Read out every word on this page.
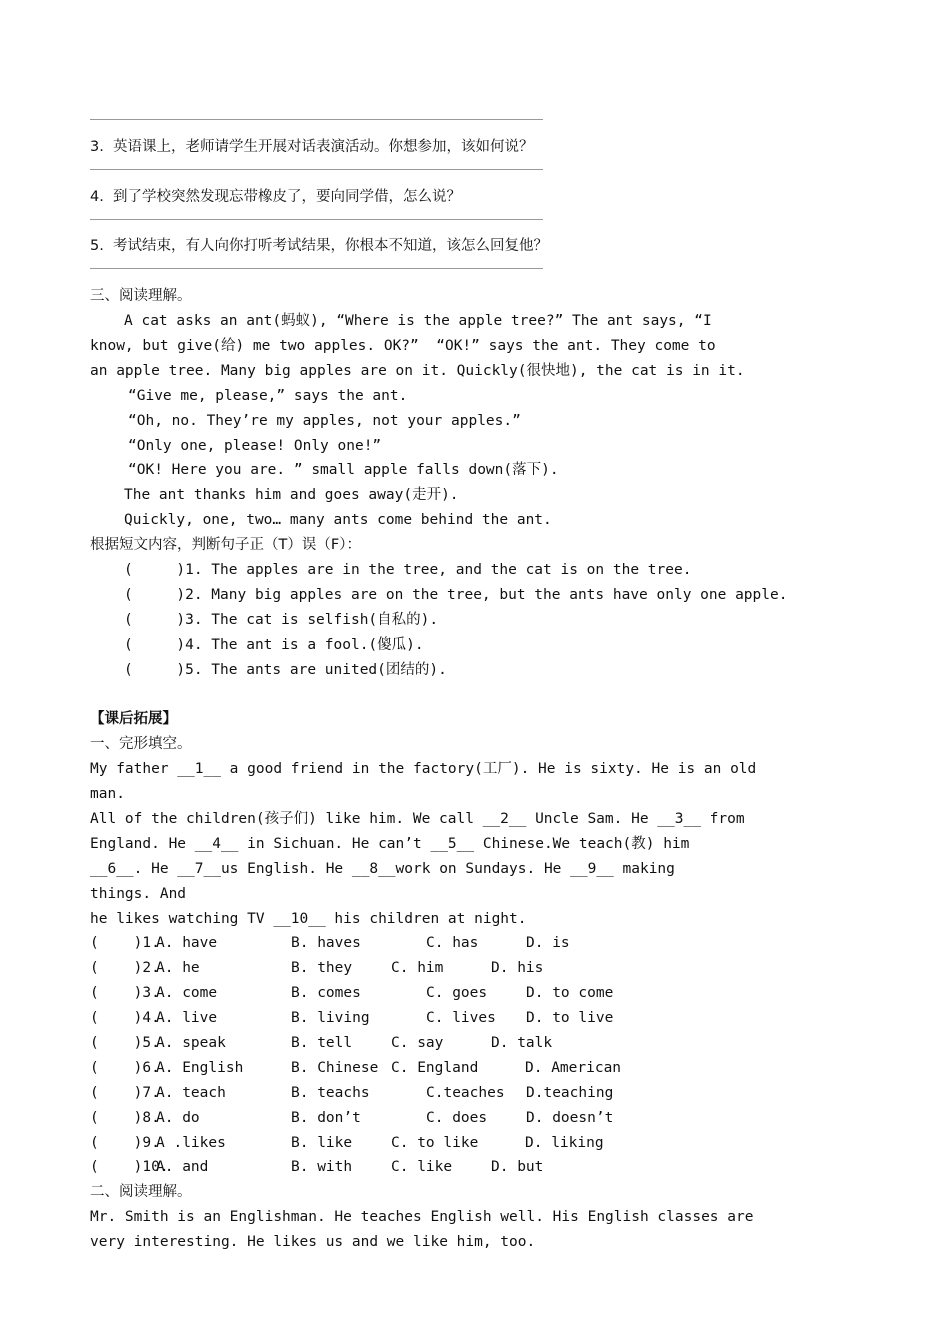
3.  英语课上，老师请学生开展对话表演活动。你想参加，该如何说？
4.  到了学校突然发现忘带橡皮了，要向同学借，怎么说？
5.  考试结束，有人向你打听考试结果，你根本不知道，该怎么回复他？
三、阅读理解。
A cat asks an ant(蚂蚁), “Where is the apple tree?” The ant says, “I
know, but give(给) me two apples. OK?”  “OK!” says the ant. They come to
an apple tree. Many big apples are on it. Quickly(很快地), the cat is in it.
“Give me, please,” says the ant.
“Oh, no. They’re my apples, not your apples.”
“Only one, please! Only one!”
“OK! Here you are. ” small apple falls down(落下).
The ant thanks him and goes away(走开).
Quickly, one, two… many ants come behind the ant.
根据短文内容，判断句子正（T）误（F）：
(     )1. The apples are in the tree, and the cat is on the tree.
(     )2. Many big apples are on the tree, but the ants have only one apple.
(     )3. The cat is selfish(自私的).
(     )4. The ant is a fool.(傻瓜).
(     )5. The ants are united(团结的).
【课后拓展】
一、完形填空。
My father __1__ a good friend in the factory(工厂). He is sixty. He is an old
man.
All of the children(孩子们) like him. We call __2__ Uncle Sam. He __3__ from
England. He __4__ in Sichuan. He can’t __5__ Chinese.We teach(教) him
__6__. He __7__us English. He __8__work on Sundays. He __9__ making
things. And
he likes watching TV __10__ his children at night.
(    )1.
A. have	B. haves	C. has	D. is
(    )2.
A. he	B. they	C. him	D. his
(    )3.
A. come	B. comes	C. goes	D. to come
(    )4.
A. live	B. living	C. lives	D. to live
(    )5.
A. speak	B. tell	C. say	D. talk
(    )6.
A. English	B. Chinese C. England	D. American
(    )7.
A. teach	B. teachs	C.teaches	D.teaching
(    )8.
A. do	B. don’t	C. does	D. doesn’t
(    )9.
A .likes	B. like	C. to like	D. liking
(    )10.
A. and	B. with	C. like	D. but
二、阅读理解。
Mr. Smith is an Englishman. He teaches English well. His English classes are
very interesting. He likes us and we like him, too.
